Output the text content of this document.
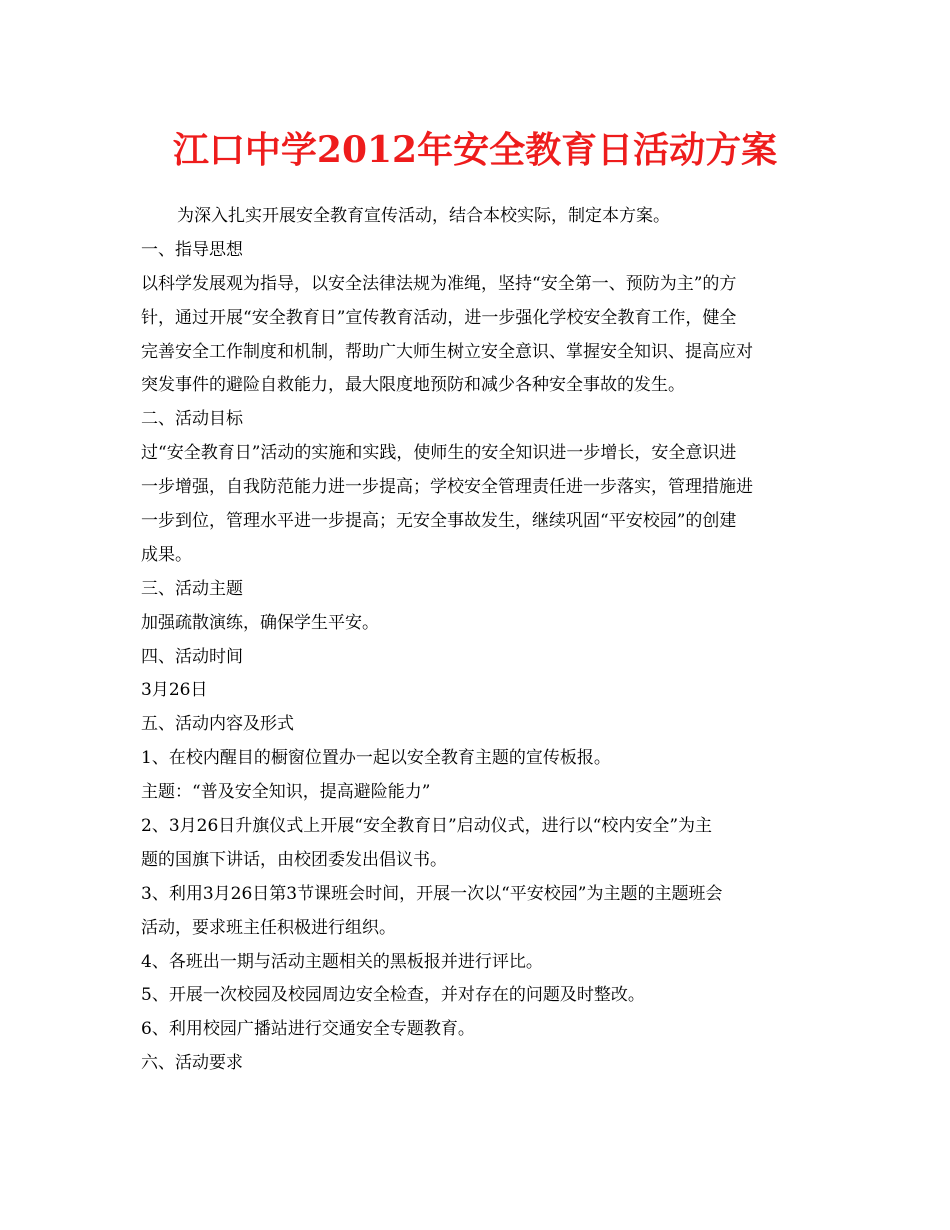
江口中学2012年安全教育日活动方案
为深入扎实开展安全教育宣传活动，结合本校实际，制定本方案。
一、指导思想
以科学发展观为指导，以安全法律法规为准绳，坚持“安全第一、预防为主”的方
针，通过开展“安全教育日”宣传教育活动，进一步强化学校安全教育工作，健全
完善安全工作制度和机制，帮助广大师生树立安全意识、掌握安全知识、提高应对
突发事件的避险自救能力，最大限度地预防和减少各种安全事故的发生。
二、活动目标
过“安全教育日”活动的实施和实践，使师生的安全知识进一步增长，安全意识进
一步增强，自我防范能力进一步提高；学校安全管理责任进一步落实，管理措施进
一步到位，管理水平进一步提高；无安全事故发生，继续巩固“平安校园”的创建
成果。
三、活动主题
加强疏散演练，确保学生平安。
四、活动时间
3月26日
五、活动内容及形式
1、在校内醒目的橱窗位置办一起以安全教育主题的宣传板报。
主题：“普及安全知识，提高避险能力”
2、3月26日升旗仪式上开展“安全教育日”启动仪式，进行以“校内安全”为主
题的国旗下讲话，由校团委发出倡议书。
3、利用3月26日第3节课班会时间，开展一次以“平安校园”为主题的主题班会
活动，要求班主任积极进行组织。
4、各班出一期与活动主题相关的黑板报并进行评比。
5、开展一次校园及校园周边安全检查，并对存在的问题及时整改。
6、利用校园广播站进行交通安全专题教育。
六、活动要求
